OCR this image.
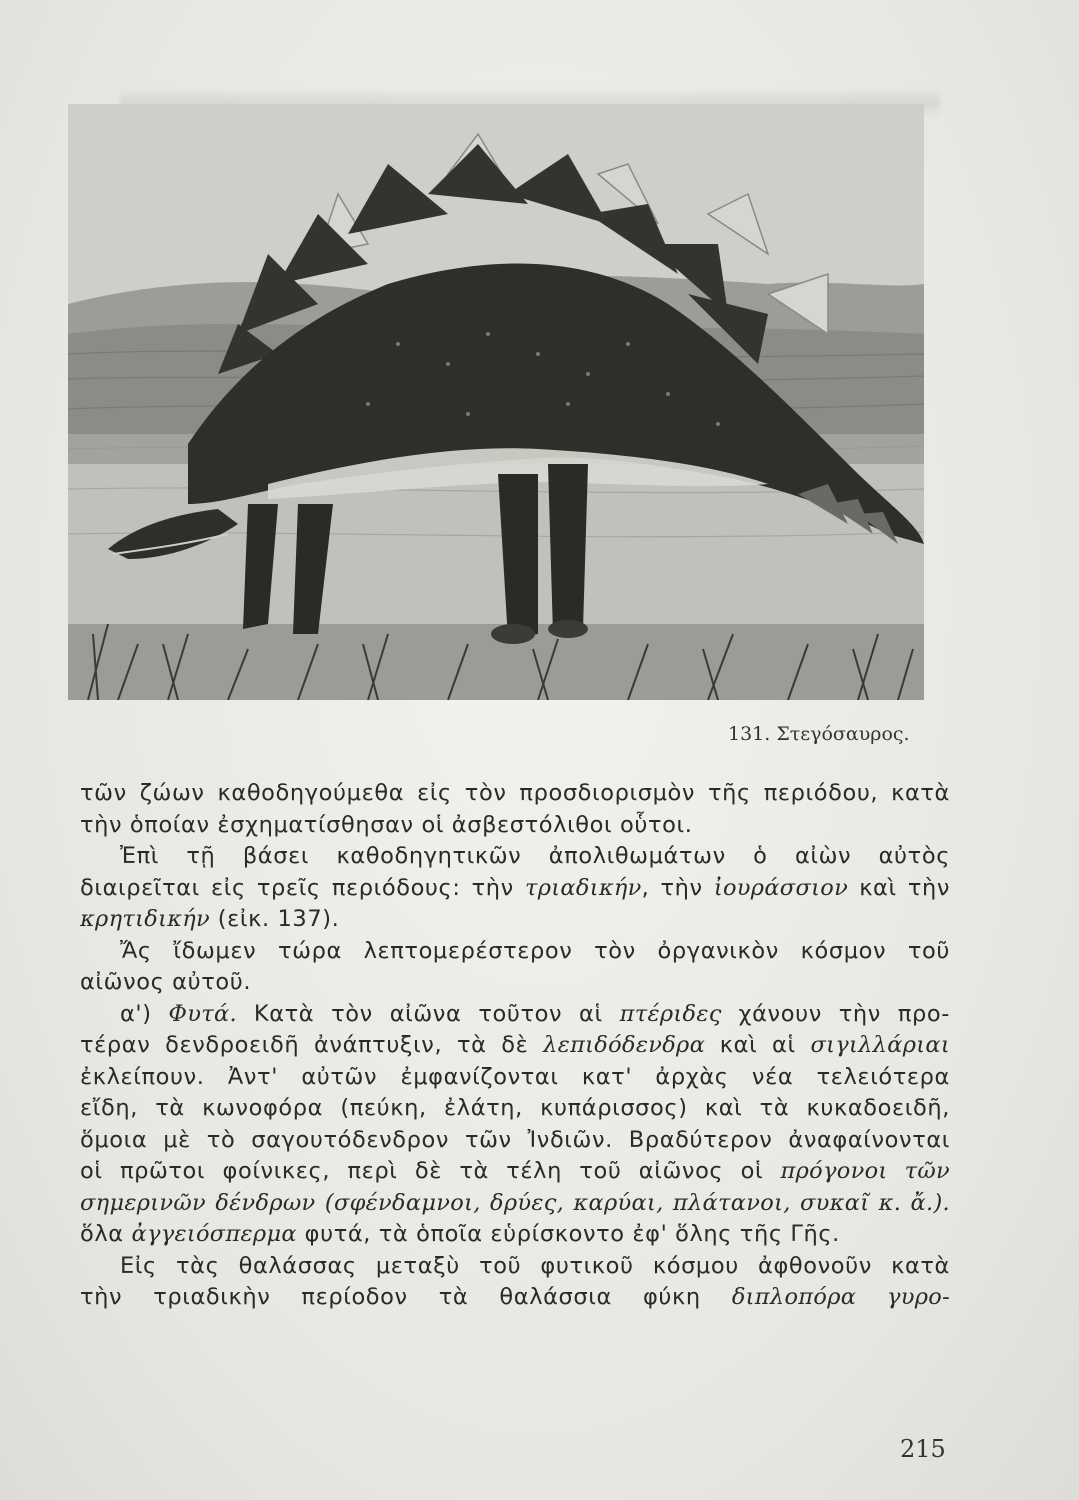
131. Στεγόσαυρος.

τῶν ζώων καθοδηγούμεθα εἰς τὸν προσδιορισμὸν τῆς περιόδου, κατὰ

τὴν ὁποίαν ἐσχηματίσθησαν οἱ ἀσβεστόλιθοι οὗτοι.

Ἐπὶ τῇ βάσει καθοδηγητικῶν ἀπολιθωμάτων ὁ αἰὼν αὐτὸς

διαιρεῖται εἰς τρεῖς περιόδους: τὴν τριαδικήν, τὴν ἰουράσσιον καὶ τὴν

κρητιδικήν (εἰκ. 137).

Ἄς ἴδωμεν τώρα λεπτομερέστερον τὸν ὀργανικὸν κόσμον τοῦ

αἰῶνος αὐτοῦ.

α') Φυτά. Κατὰ τὸν αἰῶνα τοῦτον αἱ πτέριδες χάνουν τὴν προ-

τέραν δενδροειδῆ ἀνάπτυξιν, τὰ δὲ λεπιδόδενδρα καὶ αἱ σιγιλλάριαι

ἐκλείπουν. Ἀντ' αὐτῶν ἐμφανίζονται κατ' ἀρχὰς νέα τελειότερα

εἴδη, τὰ κωνοφόρα (πεύκη, ἐλάτη, κυπάρισσος) καὶ τὰ κυκαδοειδῆ,

ὅμοια μὲ τὸ σαγουτόδενδρον τῶν Ἰνδιῶν. Βραδύτερον ἀναφαίνονται

οἱ πρῶτοι φοίνικες, περὶ δὲ τὰ τέλη τοῦ αἰῶνος οἱ πρόγονοι τῶν

σημερινῶν δένδρων (σφένδαμνοι, δρύες, καρύαι, πλάτανοι, συκαῖ κ. ἄ.).

ὅλα ἀγγειόσπερμα φυτά, τὰ ὁποῖα εὑρίσκοντο ἐφ' ὅλης τῆς Γῆς.

Εἰς τὰς θαλάσσας μεταξὺ τοῦ φυτικοῦ κόσμου ἀφθονοῦν κατὰ

τὴν τριαδικὴν περίοδον τὰ θαλάσσια φύκη διπλοπόρα γυρο-

215
